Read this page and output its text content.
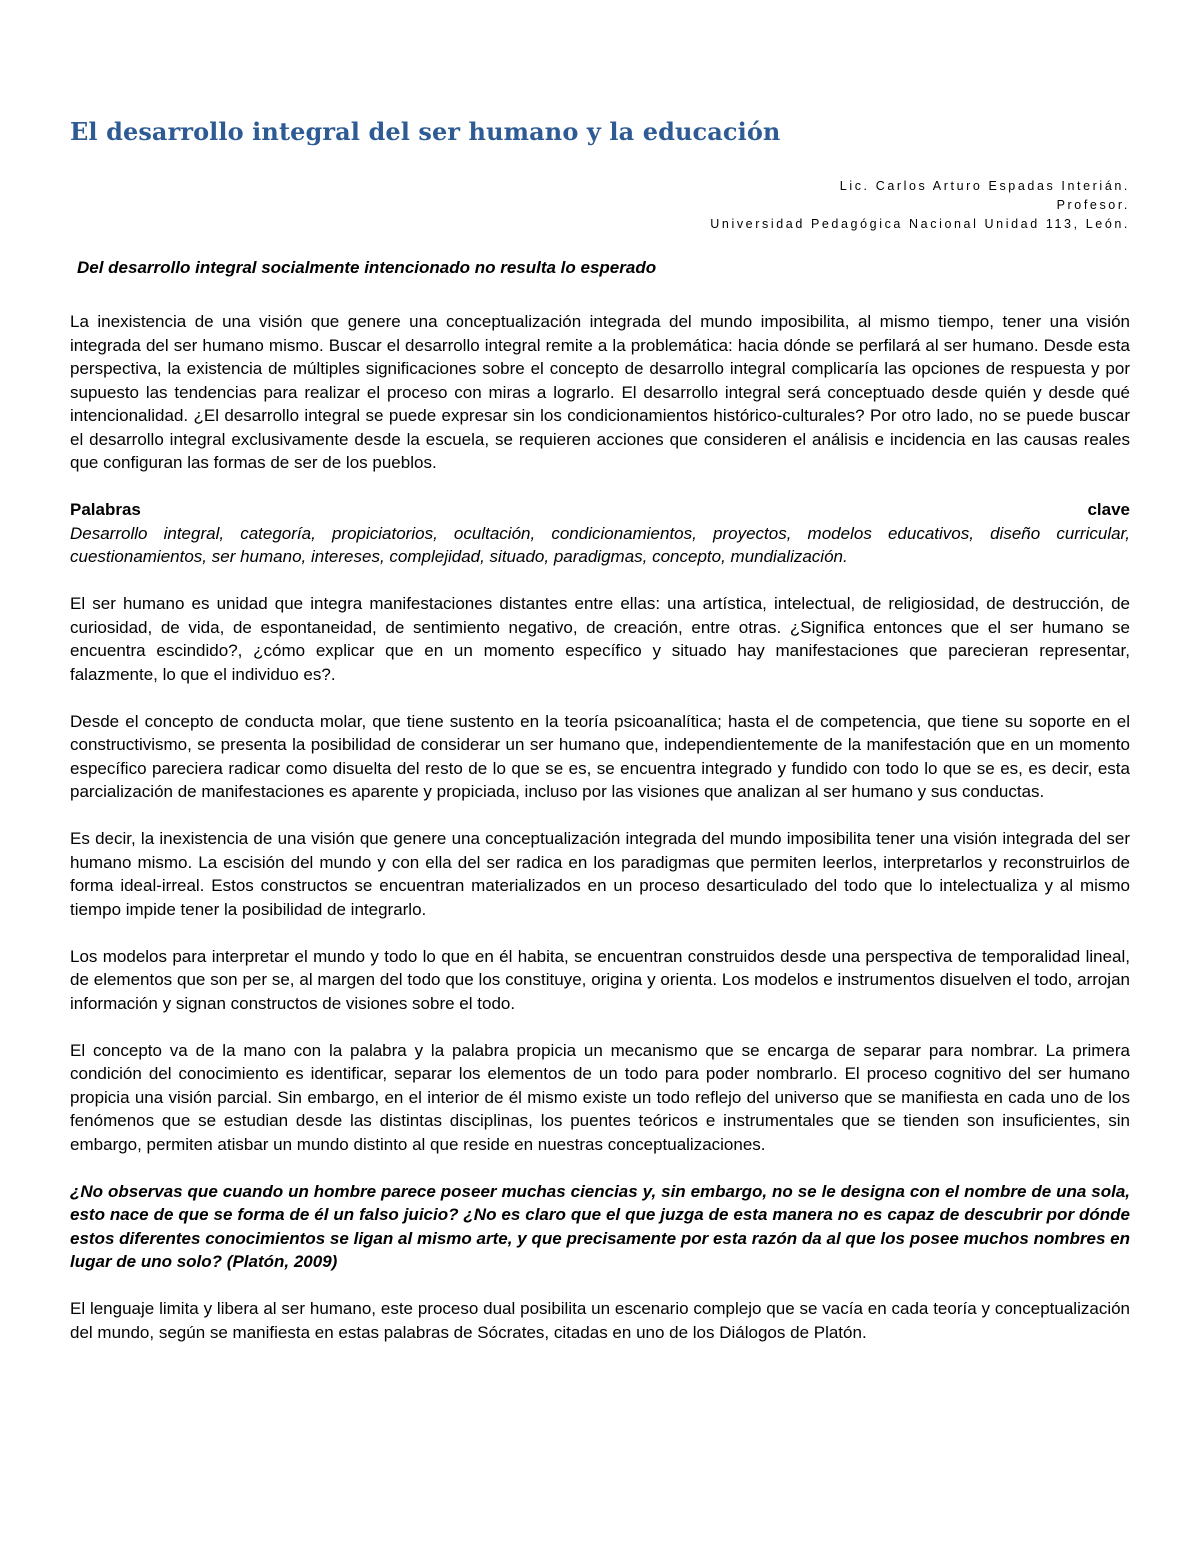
El desarrollo integral del ser humano y la educación
Lic. Carlos Arturo Espadas Interián.
Profesor.
Universidad Pedagógica Nacional Unidad 113, León.
Del desarrollo integral socialmente intencionado no resulta lo esperado

La inexistencia de una visión que genere una conceptualización integrada del mundo imposibilita, al mismo tiempo, tener una visión integrada del ser humano mismo. Buscar el desarrollo integral remite a la problemática: hacia dónde se perfilará al ser humano. Desde esta perspectiva, la existencia de múltiples significaciones sobre el concepto de desarrollo integral complicaría las opciones de respuesta y por supuesto las tendencias para realizar el proceso con miras a lograrlo. El desarrollo integral será conceptuado desde quién y desde qué intencionalidad. ¿El desarrollo integral se puede expresar sin los condicionamientos histórico-culturales? Por otro lado, no se puede buscar el desarrollo integral exclusivamente desde la escuela, se requieren acciones que consideren el análisis e incidencia en las causas reales que configuran las formas de ser de los pueblos.

Palabras	clave
Desarrollo integral, categoría, propiciatorios, ocultación, condicionamientos, proyectos, modelos educativos, diseño curricular, cuestionamientos, ser humano, intereses, complejidad, situado, paradigmas, concepto, mundialización.

El ser humano es unidad que integra manifestaciones distantes entre ellas: una artística, intelectual, de religiosidad, de destrucción, de curiosidad, de vida, de espontaneidad, de sentimiento negativo, de creación, entre otras. ¿Significa entonces que el ser humano se encuentra escindido?, ¿cómo explicar que en un momento específico y situado hay manifestaciones que parecieran representar, falazmente, lo que el individuo es?.

Desde el concepto de conducta molar, que tiene sustento en la teoría psicoanalítica; hasta el de competencia, que tiene su soporte en el constructivismo, se presenta la posibilidad de considerar un ser humano que, independientemente de la manifestación que en un momento específico pareciera radicar como disuelta del resto de lo que se es, se encuentra integrado y fundido con todo lo que se es, es decir, esta parcialización de manifestaciones es aparente y propiciada, incluso por las visiones que analizan al ser humano y sus conductas.

Es decir, la inexistencia de una visión que genere una conceptualización integrada del mundo imposibilita tener una visión integrada del ser humano mismo. La escisión del mundo y con ella del ser radica en los paradigmas que permiten leerlos, interpretarlos y reconstruirlos de forma ideal-irreal. Estos constructos se encuentran materializados en un proceso desarticulado del todo que lo intelectualiza y al mismo tiempo impide tener la posibilidad de integrarlo.

Los modelos para interpretar el mundo y todo lo que en él habita, se encuentran construidos desde una perspectiva de temporalidad lineal, de elementos que son per se, al margen del todo que los constituye, origina y orienta. Los modelos e instrumentos disuelven el todo, arrojan información y signan constructos de visiones sobre el todo.

El concepto va de la mano con la palabra y la palabra propicia un mecanismo que se encarga de separar para nombrar. La primera condición del conocimiento es identificar, separar los elementos de un todo para poder nombrarlo. El proceso cognitivo del ser humano propicia una visión parcial. Sin embargo, en el interior de él mismo existe un todo reflejo del universo que se manifiesta en cada uno de los fenómenos que se estudian desde las distintas disciplinas, los puentes teóricos e instrumentales que se tienden son insuficientes, sin embargo, permiten atisbar un mundo distinto al que reside en nuestras conceptualizaciones.

¿No observas que cuando un hombre parece poseer muchas ciencias y, sin embargo, no se le designa con el nombre de una sola, esto nace de que se forma de él un falso juicio? ¿No es claro que el que juzga de esta manera no es capaz de descubrir por dónde estos diferentes conocimientos se ligan al mismo arte, y que precisamente por esta razón da al que los posee muchos nombres en lugar de uno solo? (Platón, 2009)

El lenguaje limita y libera al ser humano, este proceso dual posibilita un escenario complejo que se vacía en cada teoría y conceptualización del mundo, según se manifiesta en estas palabras de Sócrates, citadas en uno de los Diálogos de Platón.
